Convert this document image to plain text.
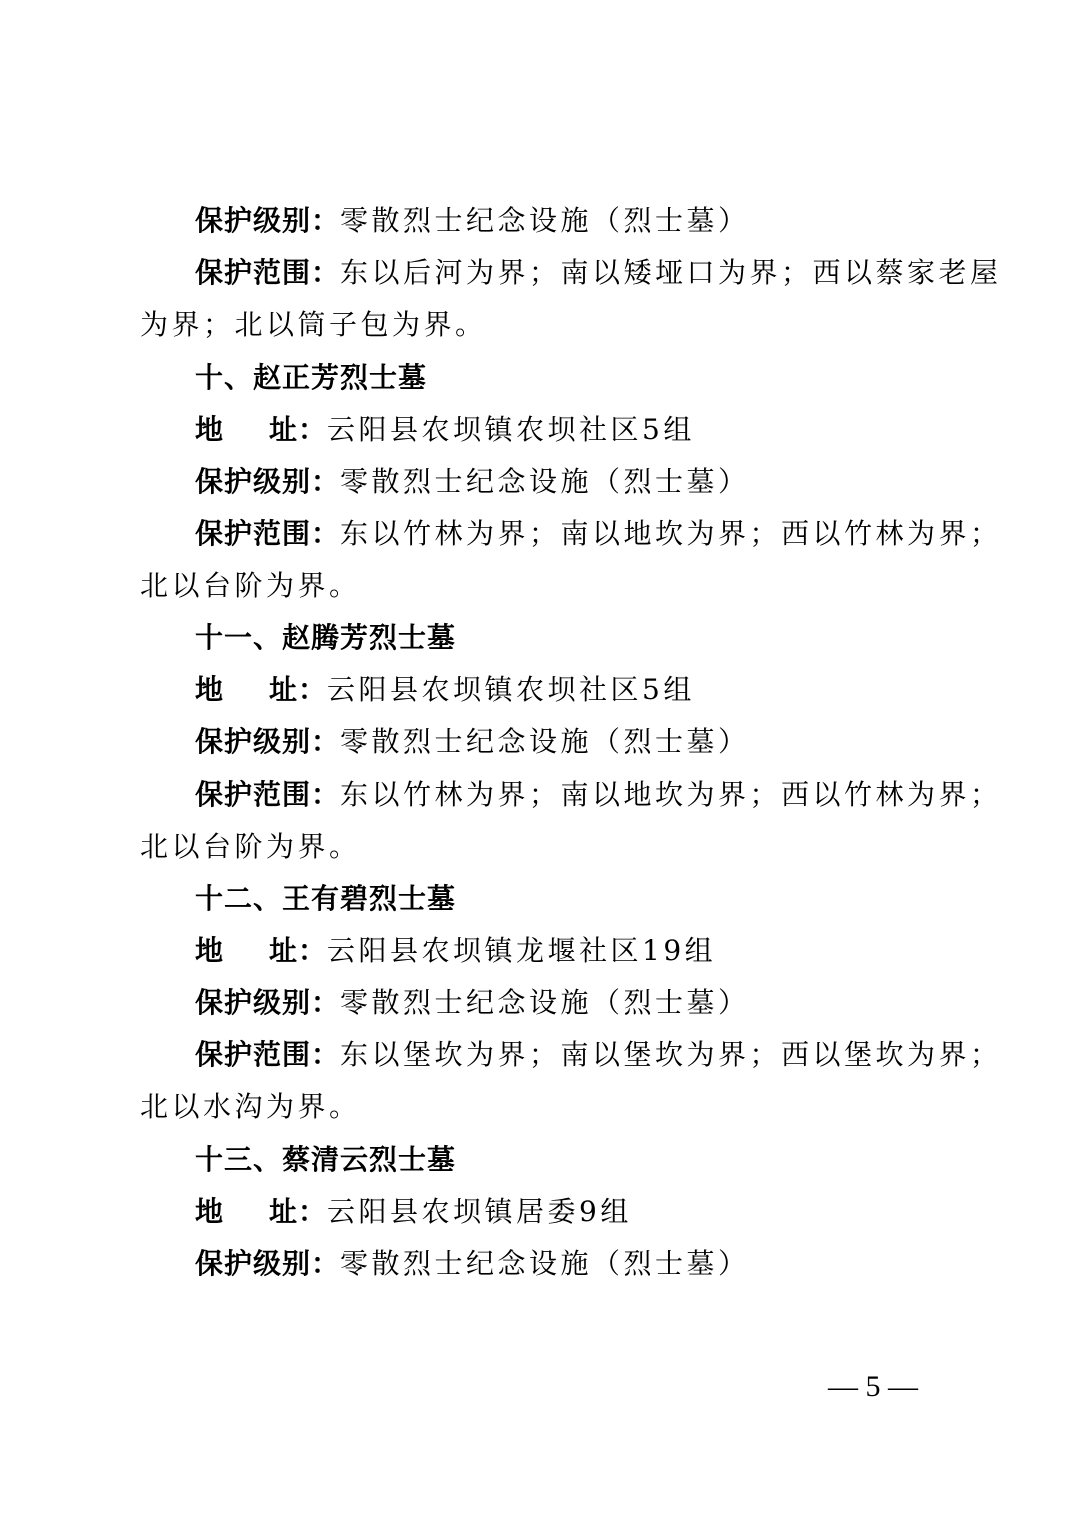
保护级别：零散烈士纪念设施（烈士墓）
保护范围：东以后河为界；南以矮垭口为界；西以蔡家老屋
为界；北以筒子包为界。
十、赵正芳烈士墓
地址：云阳县农坝镇农坝社区5组
保护级别：零散烈士纪念设施（烈士墓）
保护范围：东以竹林为界；南以地坎为界；西以竹林为界；
北以台阶为界。
十一、赵腾芳烈士墓
地址：云阳县农坝镇农坝社区5组
保护级别：零散烈士纪念设施（烈士墓）
保护范围：东以竹林为界；南以地坎为界；西以竹林为界；
北以台阶为界。
十二、王有碧烈士墓
地址：云阳县农坝镇龙堰社区19组
保护级别：零散烈士纪念设施（烈士墓）
保护范围：东以堡坎为界；南以堡坎为界；西以堡坎为界；
北以水沟为界。
十三、蔡清云烈士墓
地址：云阳县农坝镇居委9组
保护级别：零散烈士纪念设施（烈士墓）
— 5 —
